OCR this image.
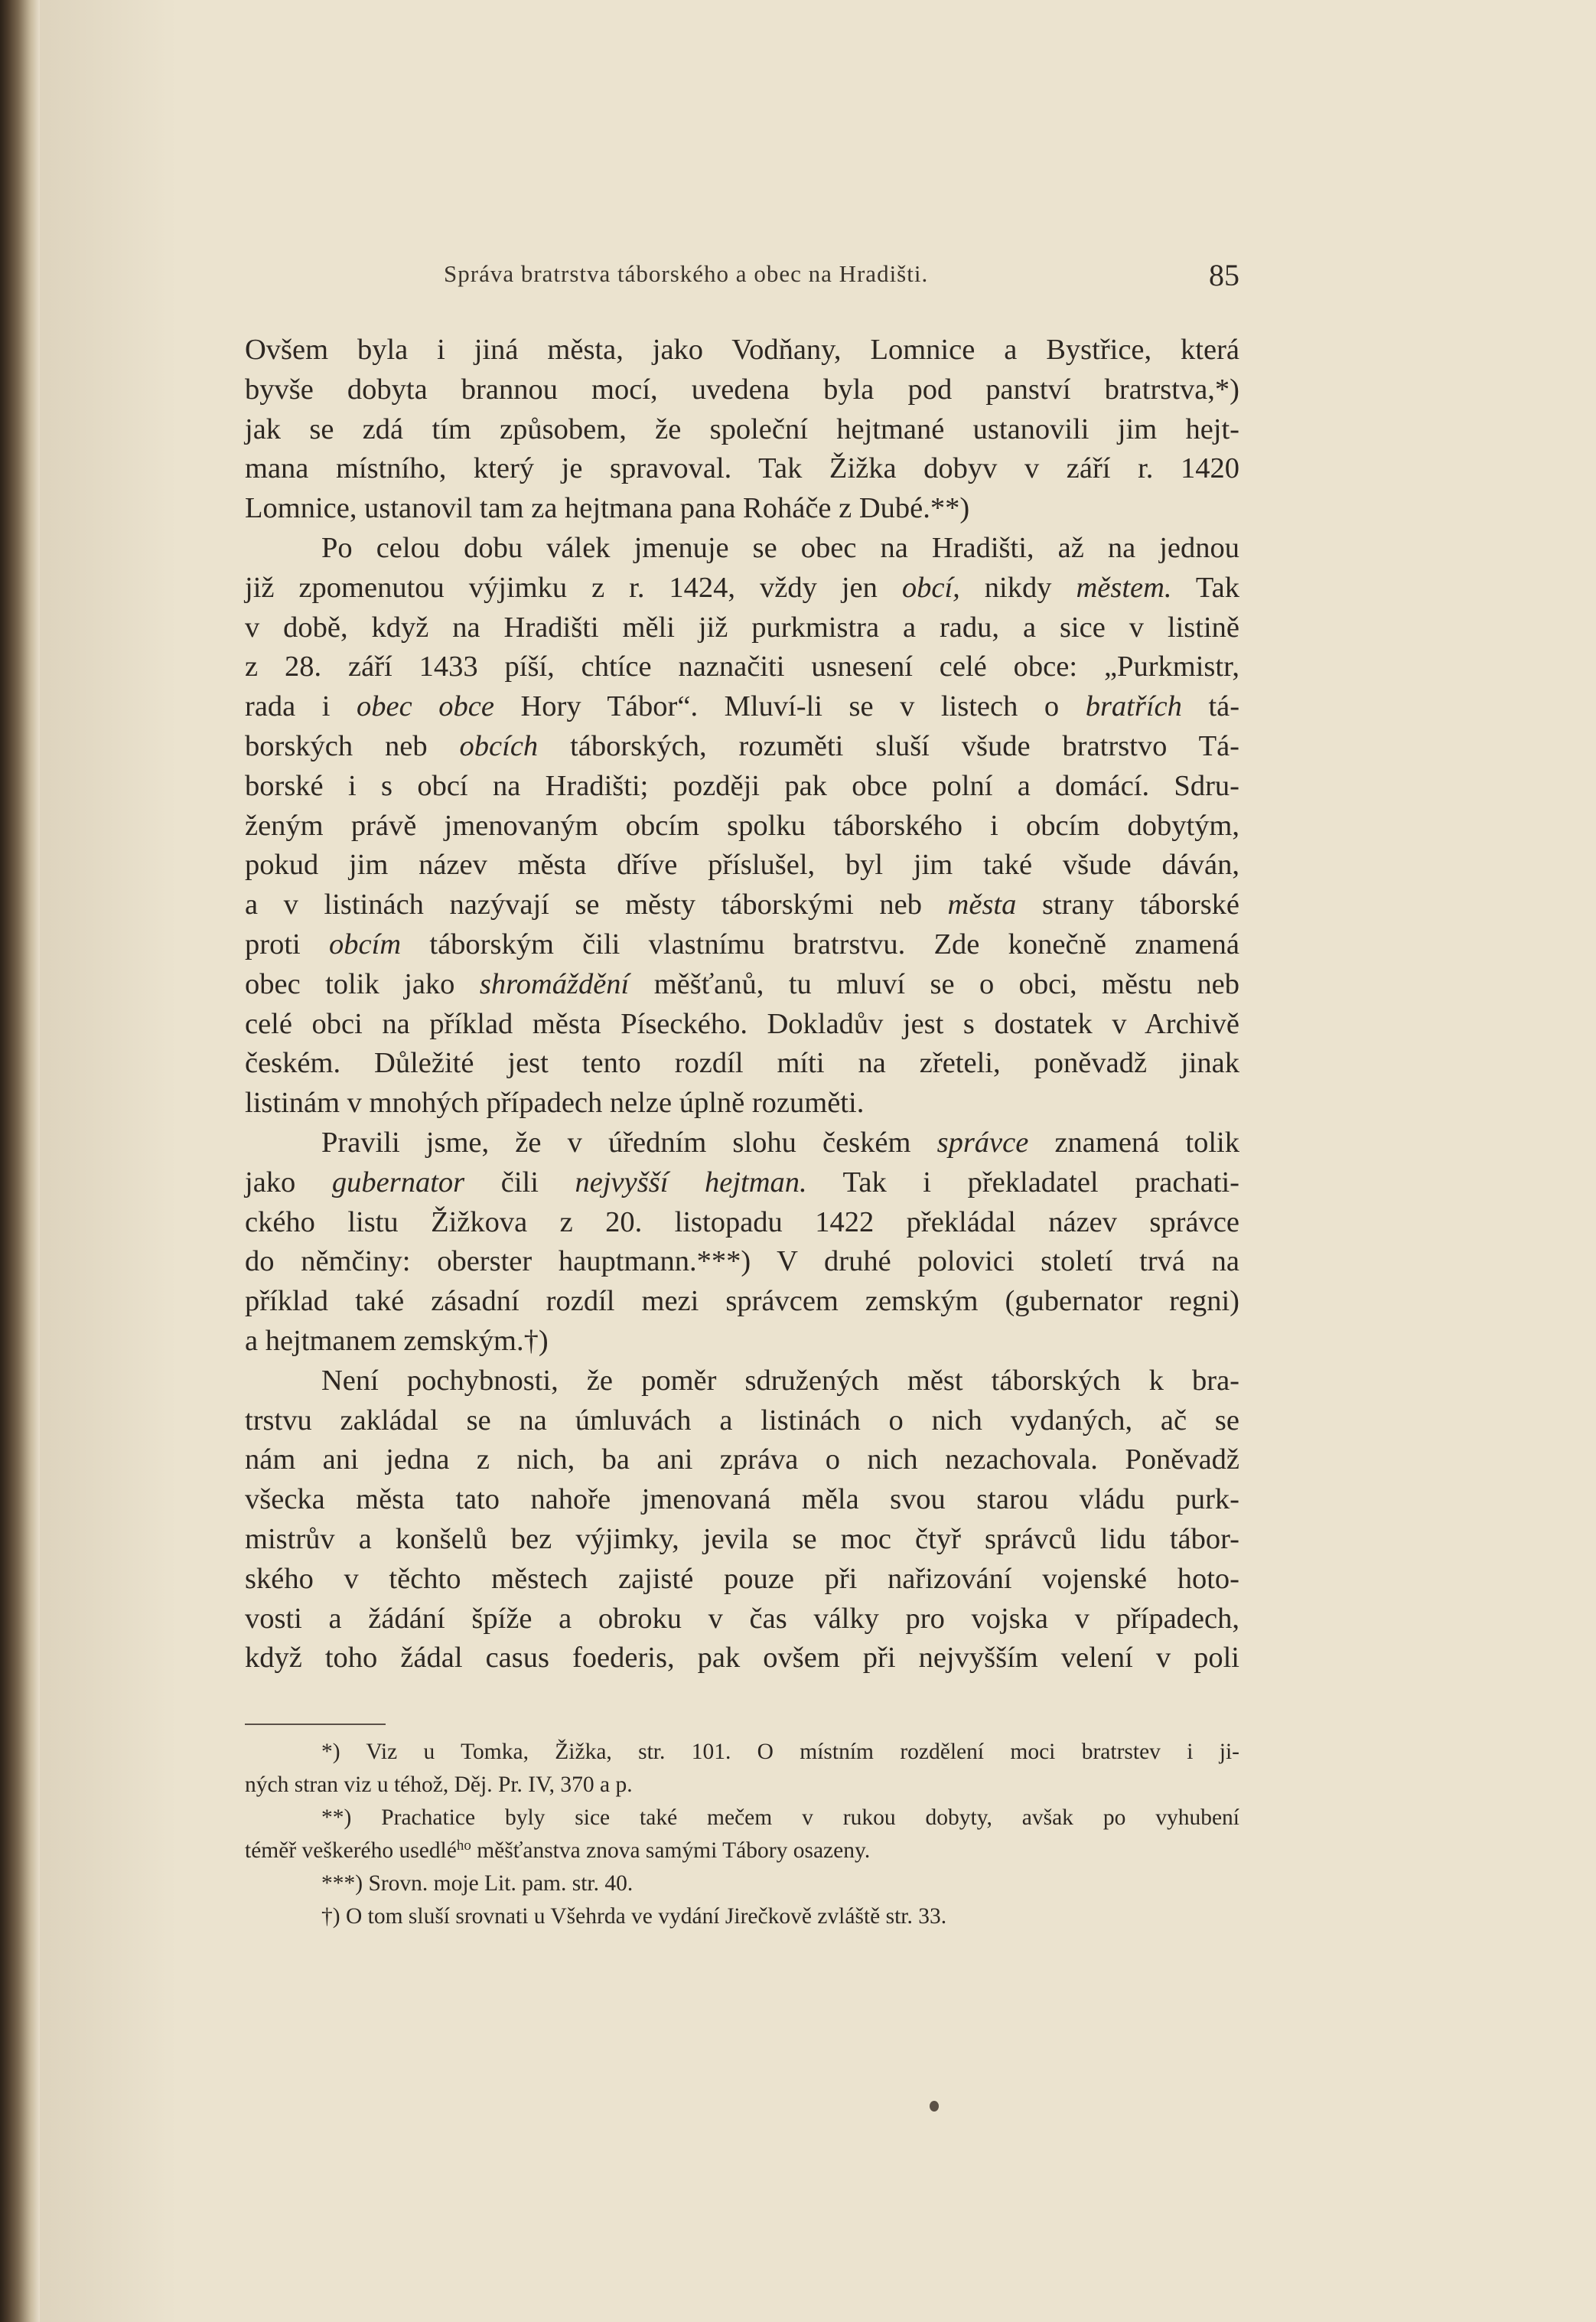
Správa bratrstva táborského a obec na Hradišti.	85
Ovšem byla i jiná města, jako Vodňany, Lomnice a Bystřice, která
byvše dobyta brannou mocí, uvedena byla pod panství bratrstva,*)
jak se zdá tím způsobem, že společní hejtmané ustanovili jim hejt-
mana místního, který je spravoval. Tak Žižka dobyv v září r. 1420
Lomnice, ustanovil tam za hejtmana pana Roháče z Dubé.**)
Po celou dobu válek jmenuje se obec na Hradišti, až na jednou
již zpomenutou výjimku z r. 1424, vždy jen obcí, nikdy městem. Tak
v době, když na Hradišti měli již purkmistra a radu, a sice v listině
z 28. září 1433 píší, chtíce naznačiti usnesení celé obce: „Purkmistr,
rada i obec obce Hory Tábor“. Mluví-li se v listech o bratřích tá-
borských neb obcích táborských, rozuměti sluší všude bratrstvo Tá-
borské i s obcí na Hradišti; později pak obce polní a domácí. Sdru-
ženým právě jmenovaným obcím spolku táborského i obcím dobytým,
pokud jim název města dříve příslušel, byl jim také všude dáván,
a v listinách nazývají se městy táborskými neb města strany táborské
proti obcím táborským čili vlastnímu bratrstvu. Zde konečně znamená
obec tolik jako shromáždění měšťanů, tu mluví se o obci, městu neb
celé obci na příklad města Píseckého. Dokladův jest s dostatek v Archivě
českém. Důležité jest tento rozdíl míti na zřeteli, poněvadž jinak
listinám v mnohých případech nelze úplně rozuměti.
Pravili jsme, že v úředním slohu českém správce znamená tolik
jako gubernator čili nejvyšší hejtman. Tak i překladatel prachati-
ckého listu Žižkova z 20. listopadu 1422 překládal název správce
do němčiny: oberster hauptmann.***) V druhé polovici století trvá na
příklad také zásadní rozdíl mezi správcem zemským (gubernator regni)
a hejtmanem zemským.†)
Není pochybnosti, že poměr sdružených měst táborských k bra-
trstvu zakládal se na úmluvách a listinách o nich vydaných, ač se
nám ani jedna z nich, ba ani zpráva o nich nezachovala. Poněvadž
všecka města tato nahoře jmenovaná měla svou starou vládu purk-
mistrův a konšelů bez výjimky, jevila se moc čtyř správců lidu tábor-
ského v těchto městech zajisté pouze při nařizování vojenské hoto-
vosti a žádání špíže a obroku v čas války pro vojska v případech,
když toho žádal casus foederis, pak ovšem při nejvyšším velení v poli
*) Viz u Tomka, Žižka, str. 101. O místním rozdělení moci bratrstev i ji-
ných stran viz u téhož, Děj. Pr. IV, 370 a p.
**) Prachatice byly sice také mečem v rukou dobyty, avšak po vyhubení
téměř veškerého usedlé$^{ho}$ měšťanstva znova samými Tábory osazeny.
***) Srovn. moje Lit. pam. str. 40.
†) O tom sluší srovnati u Všehrda ve vydání Jirečkově zvláště str. 33.
